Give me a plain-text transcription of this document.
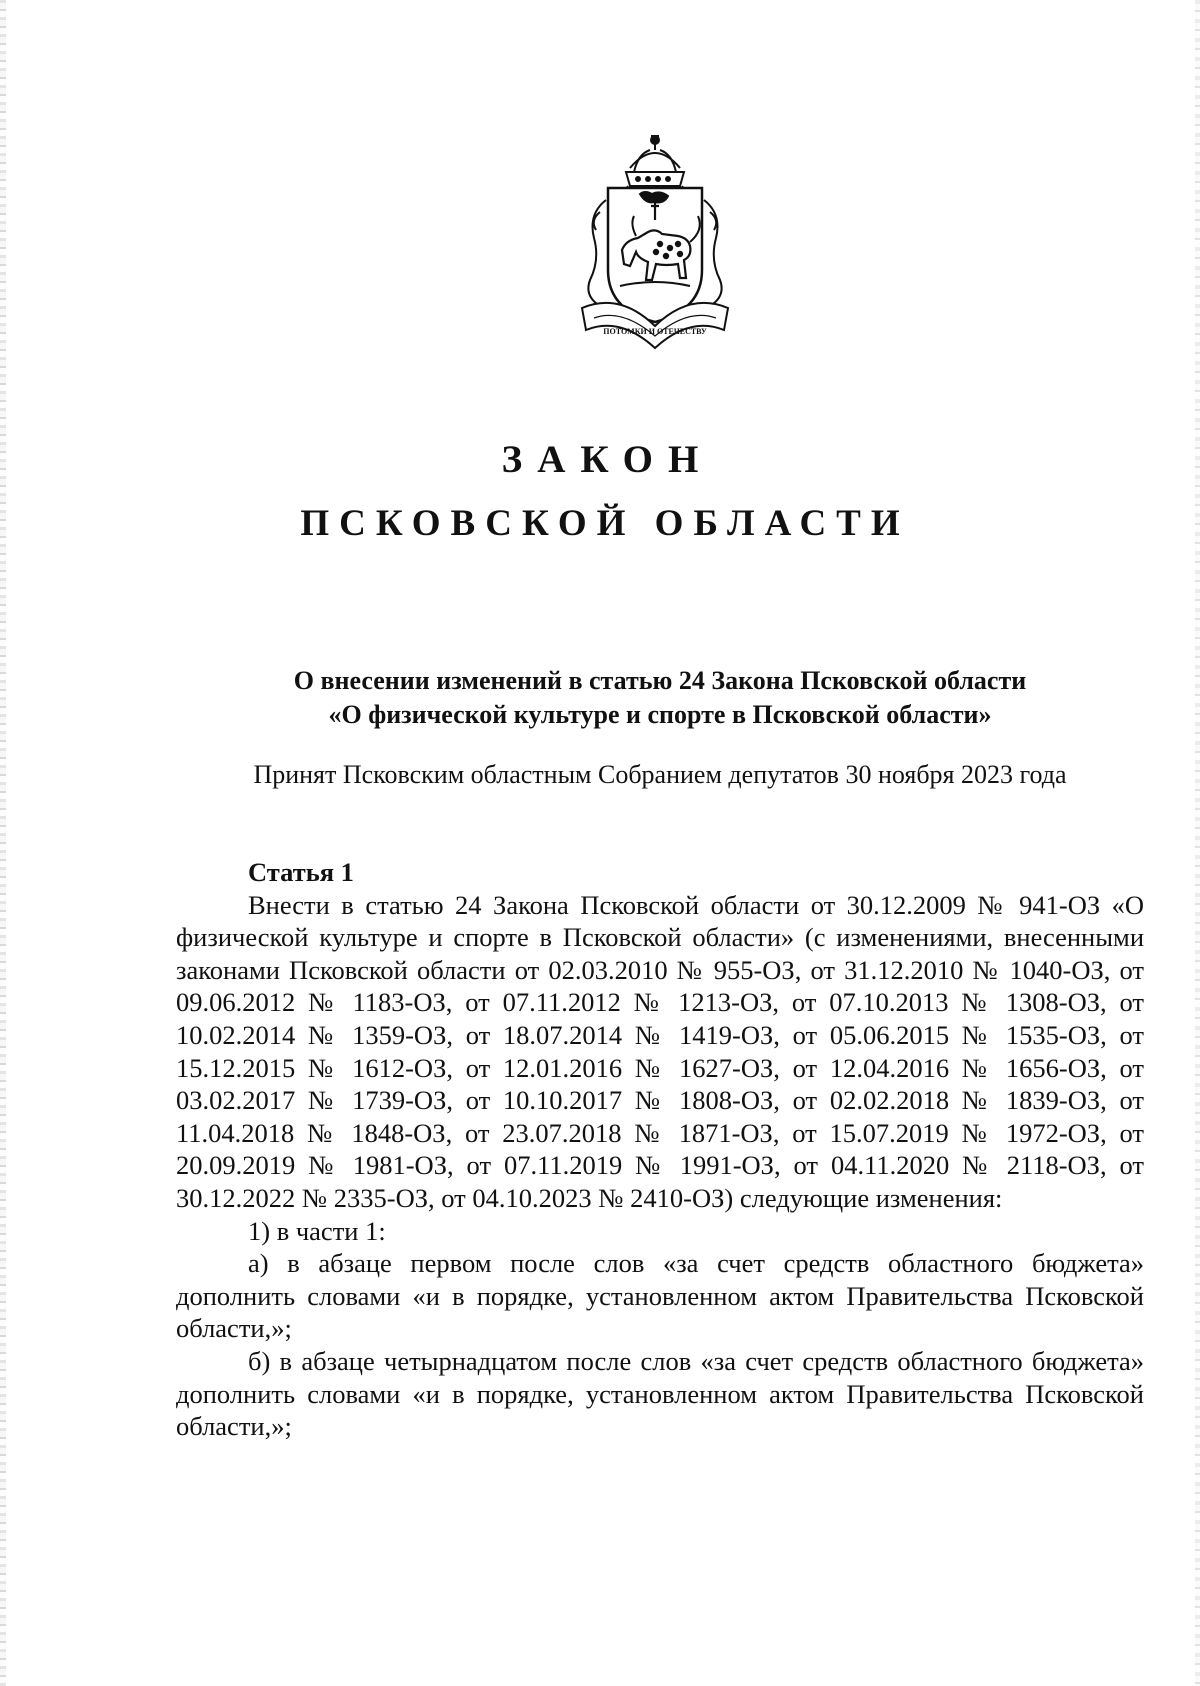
ПОТОМКИ И ОТЕЧЕСТВУ
ЗАКОН
ПСКОВСКОЙ ОБЛАСТИ
О внесении изменений в статью 24 Закона Псковской области
«О физической культуре и спорте в Псковской области»
Принят Псковским областным Собранием депутатов 30 ноября 2023 года

Статья 1

Внести в статью 24 Закона Псковской области от 30.12.2009 № 941-ОЗ «О физической культуре и спорте в Псковской области» (с изменениями, внесенными законами Псковской области от 02.03.2010 № 955-ОЗ, от 31.12.2010 № 1040-ОЗ, от 09.06.2012 № 1183-ОЗ, от 07.11.2012 № 1213-ОЗ, от 07.10.2013 № 1308-ОЗ, от 10.02.2014 № 1359-ОЗ, от 18.07.2014 № 1419-ОЗ, от 05.06.2015 № 1535-ОЗ, от 15.12.2015 № 1612-ОЗ, от 12.01.2016 № 1627-ОЗ, от 12.04.2016 № 1656-ОЗ, от 03.02.2017 № 1739-ОЗ, от 10.10.2017 № 1808-ОЗ, от 02.02.2018 № 1839-ОЗ, от 11.04.2018 № 1848-ОЗ, от 23.07.2018 № 1871-ОЗ, от 15.07.2019 № 1972-ОЗ, от 20.09.2019 № 1981-ОЗ, от 07.11.2019 № 1991-ОЗ, от 04.11.2020 № 2118-ОЗ, от 30.12.2022 № 2335-ОЗ, от 04.10.2023 № 2410-ОЗ) следующие изменения:

1) в части 1:

а) в абзаце первом после слов «за счет средств областного бюджета» дополнить словами «и в порядке, установленном актом Правительства Псковской области,»;

б) в абзаце четырнадцатом после слов «за счет средств областного бюджета» дополнить словами «и в порядке, установленном актом Правительства Псковской области,»;
